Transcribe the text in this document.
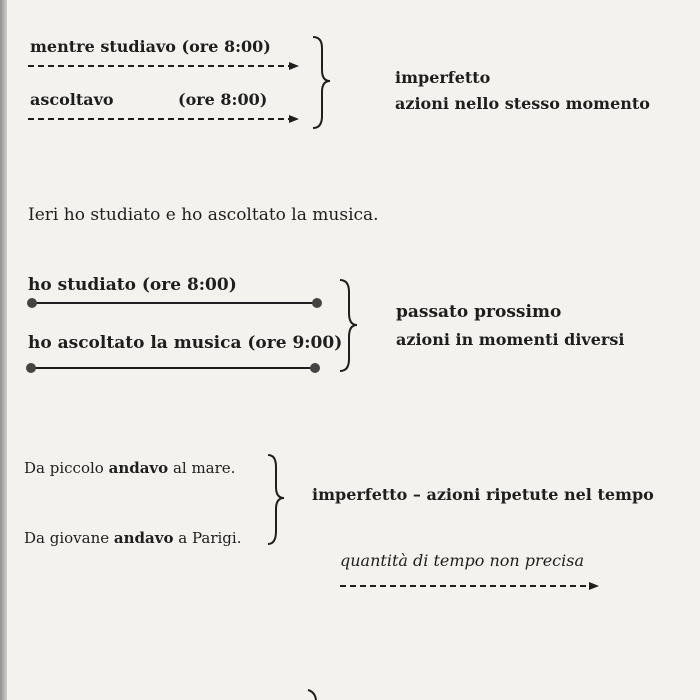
mentre studiavo (ore 8:00)
ascoltavo	(ore 8:00)
imperfetto
azioni nello stesso momento
Ieri ho studiato e ho ascoltato la musica.
ho studiato (ore 8:00)
ho ascoltato la musica (ore 9:00)
passato prossimo
azioni in momenti diversi
Da piccolo andavo al mare.
Da giovane andavo a Parigi.
imperfetto – azioni ripetute nel tempo
quantità di tempo non precisa
